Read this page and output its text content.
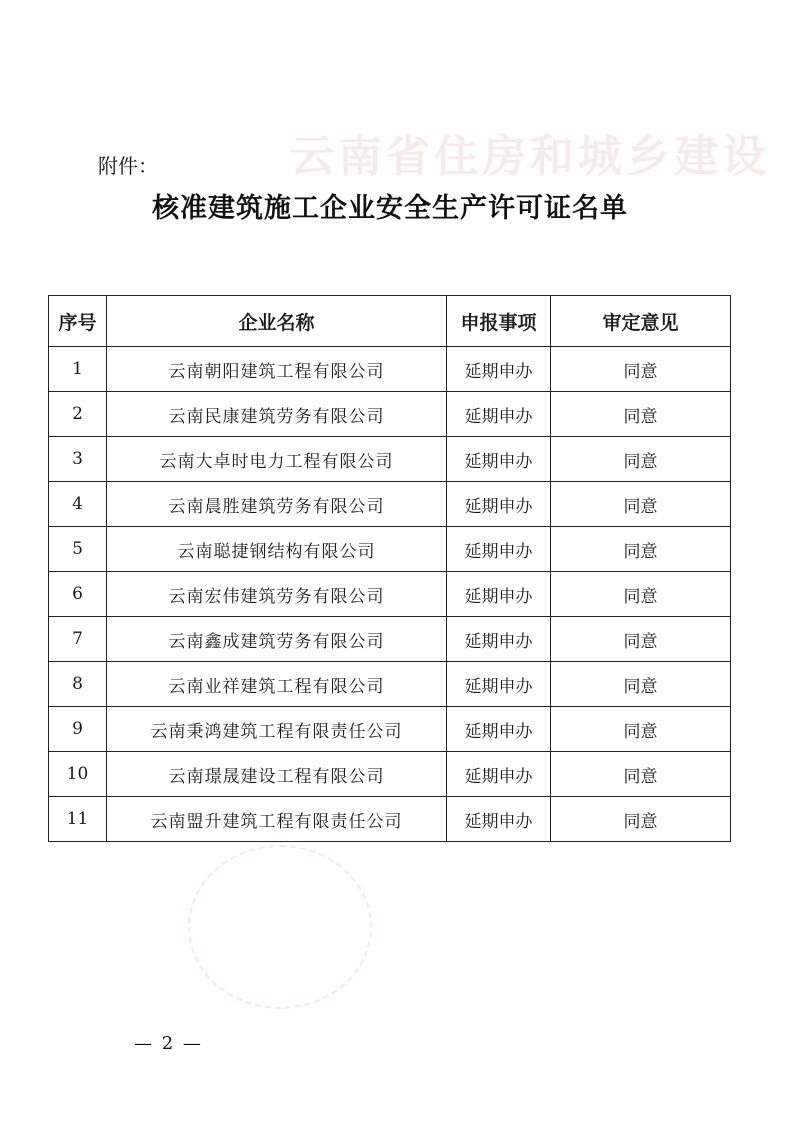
云南省住房和城乡建设
附件：
核准建筑施工企业安全生产许可证名单
序号	企业名称	申报事项	审定意见
1	云南朝阳建筑工程有限公司	延期申办	同意
2	云南民康建筑劳务有限公司	延期申办	同意
3	云南大卓时电力工程有限公司	延期申办	同意
4	云南晨胜建筑劳务有限公司	延期申办	同意
5	云南聪捷钢结构有限公司	延期申办	同意
6	云南宏伟建筑劳务有限公司	延期申办	同意
7	云南鑫成建筑劳务有限公司	延期申办	同意
8	云南业祥建筑工程有限公司	延期申办	同意
9	云南秉鸿建筑工程有限责任公司	延期申办	同意
10	云南璟晟建设工程有限公司	延期申办	同意
11	云南盟升建筑工程有限责任公司	延期申办	同意
— 2 —
